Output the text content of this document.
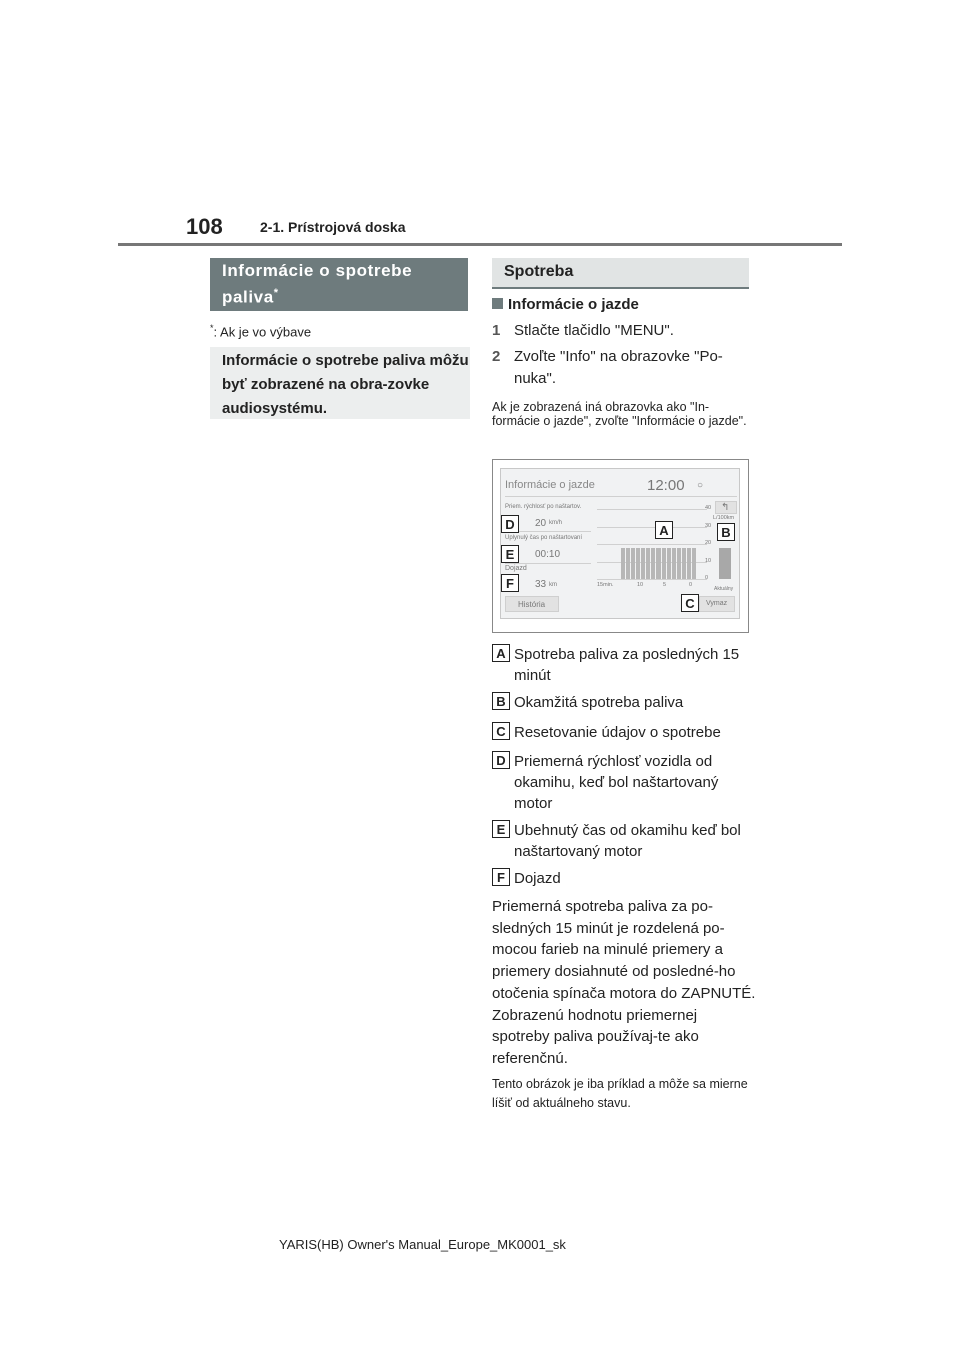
108	2-1. Prístrojová doska
Informácie o spotrebe paliva*
*: Ak je vo výbave
Informácie o spotrebe paliva môžu byť zobrazené na obra-zovke audiosystému.
Spotreba
Informácie o jazde
1 Stlačte tlačidlo "MENU".
2 Zvoľte "Info" na obrazovke "Po-nuka".
Ak je zobrazená iná obrazovka ako "In-formácie o jazde", zvoľte "Informácie o jazde".
Informácie o jazde	12:00 ○
Priem. rýchlosť po naštartov.
20 km/h
Uplynulý čas po naštartovaní
00:10
Dojazd
33 km
História	Vymaz
↰
L/100km
40
30
20
10
0
15min.	10	5	0
Aktuálny
D
E
F
A	B
C
A Spotreba paliva za posledných 15 minút
B Okamžitá spotreba paliva
C Resetovanie údajov o spotrebe
D Priemerná rýchlosť vozidla od okamihu, keď bol naštartovaný motor
E Ubehnutý čas od okamihu keď bol naštartovaný motor
F Dojazd
Priemerná spotreba paliva za po-sledných 15 minút je rozdelená po-mocou farieb na minulé priemery a priemery dosiahnuté od posledné-ho otočenia spínača motora do ZAPNUTÉ. Zobrazenú hodnotu priemernej spotreby paliva používaj-te ako referenčnú.
Tento obrázok je iba príklad a môže sa mierne líšiť od aktuálneho stavu.
YARIS(HB) Owner's Manual_Europe_MK0001_sk
